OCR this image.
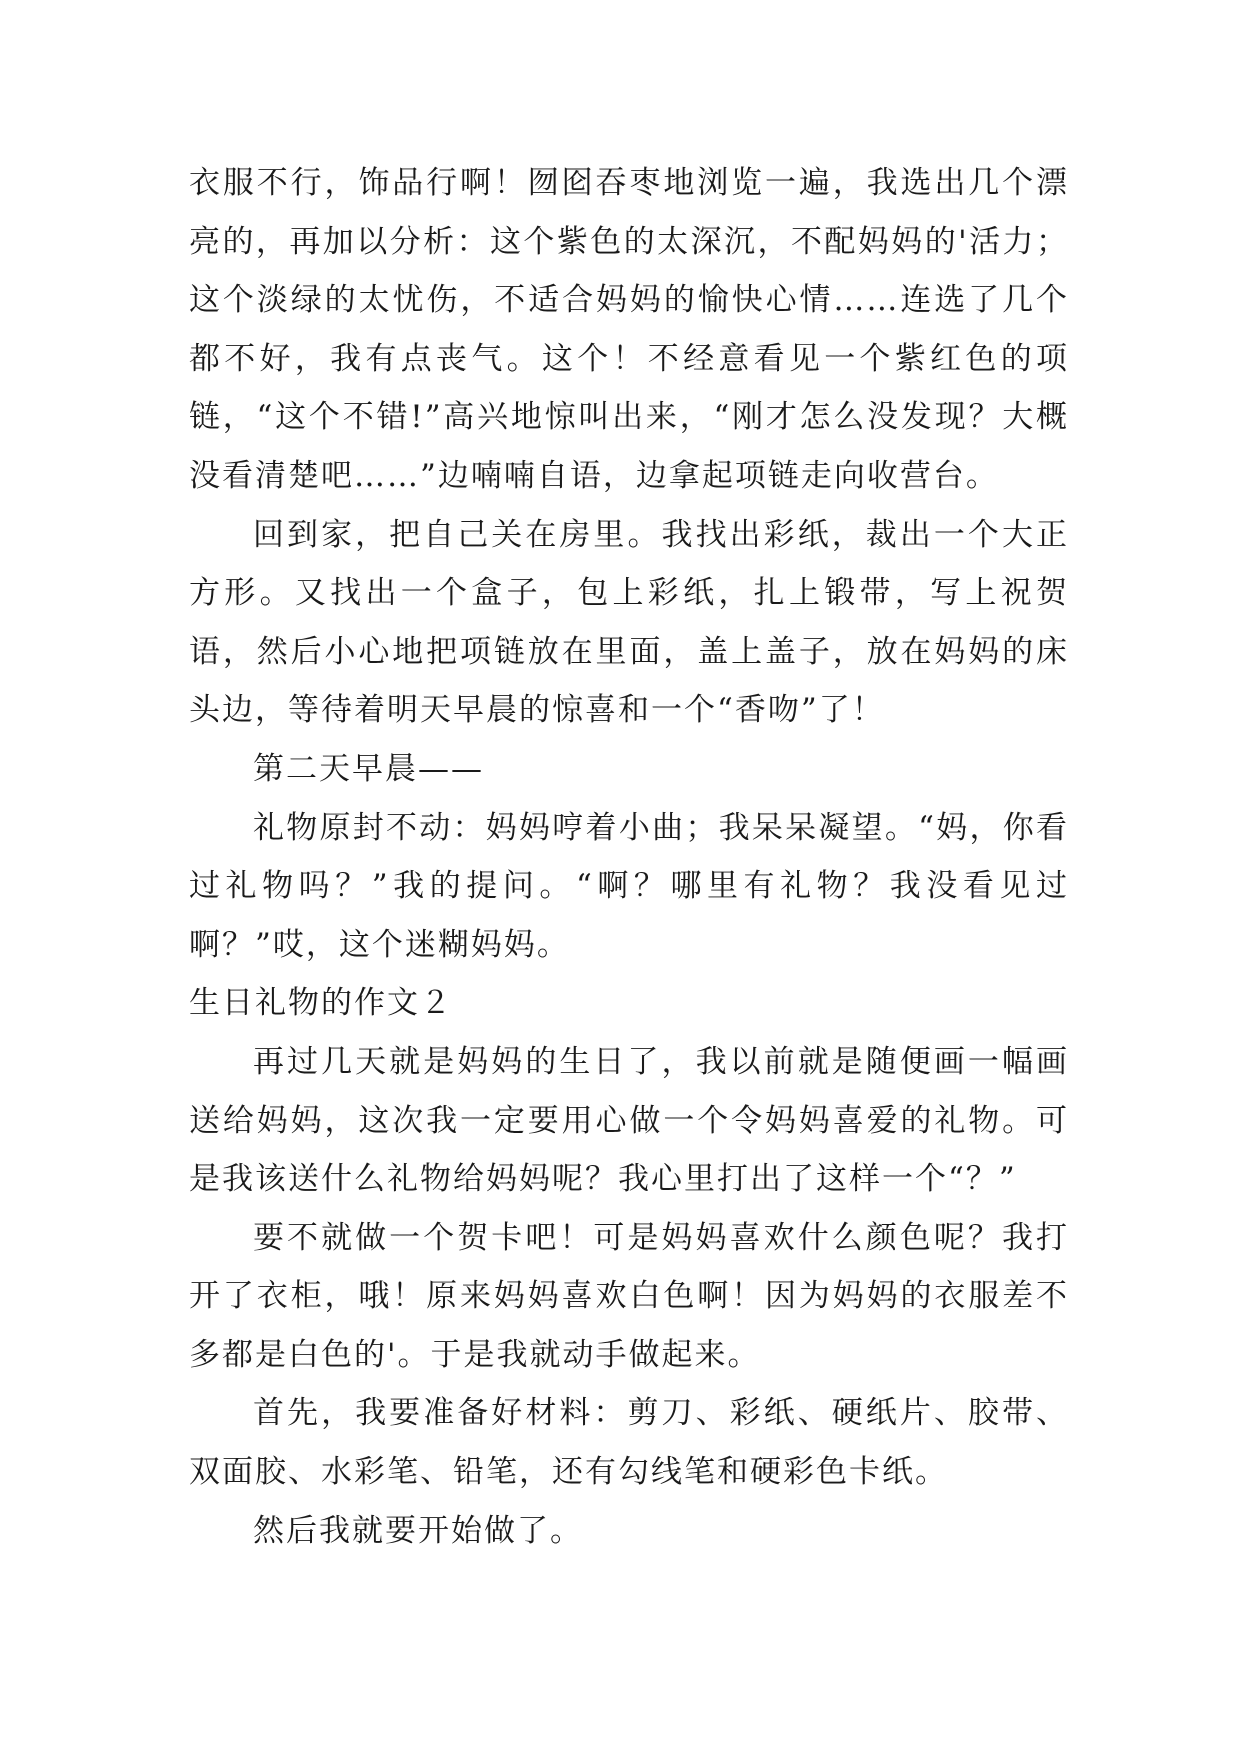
衣服不行，饰品行啊！囫囵吞枣地浏览一遍，我选出几个漂亮的，再加以分析：这个紫色的太深沉，不配妈妈的'活力；这个淡绿的太忧伤，不适合妈妈的愉快心情……连选了几个都不好，我有点丧气。这个！不经意看见一个紫红色的项链，“这个不错!”高兴地惊叫出来，“刚才怎么没发现？大概没看清楚吧……”边喃喃自语，边拿起项链走向收营台。

回到家，把自己关在房里。我找出彩纸，裁出一个大正方形。又找出一个盒子，包上彩纸，扎上锻带，写上祝贺语，然后小心地把项链放在里面，盖上盖子，放在妈妈的床头边，等待着明天早晨的惊喜和一个“香吻”了！

第二天早晨——

礼物原封不动：妈妈哼着小曲；我呆呆凝望。“妈，你看过礼物吗？”我的提问。“啊？哪里有礼物？我没看见过啊？”哎，这个迷糊妈妈。

生日礼物的作文２

再过几天就是妈妈的生日了，我以前就是随便画一幅画送给妈妈，这次我一定要用心做一个令妈妈喜爱的礼物。可是我该送什么礼物给妈妈呢？我心里打出了这样一个“？”

要不就做一个贺卡吧！可是妈妈喜欢什么颜色呢？我打开了衣柜，哦！原来妈妈喜欢白色啊！因为妈妈的衣服差不多都是白色的'。于是我就动手做起来。

首先，我要准备好材料：剪刀、彩纸、硬纸片、胶带、双面胶、水彩笔、铅笔，还有勾线笔和硬彩色卡纸。

然后我就要开始做了。
